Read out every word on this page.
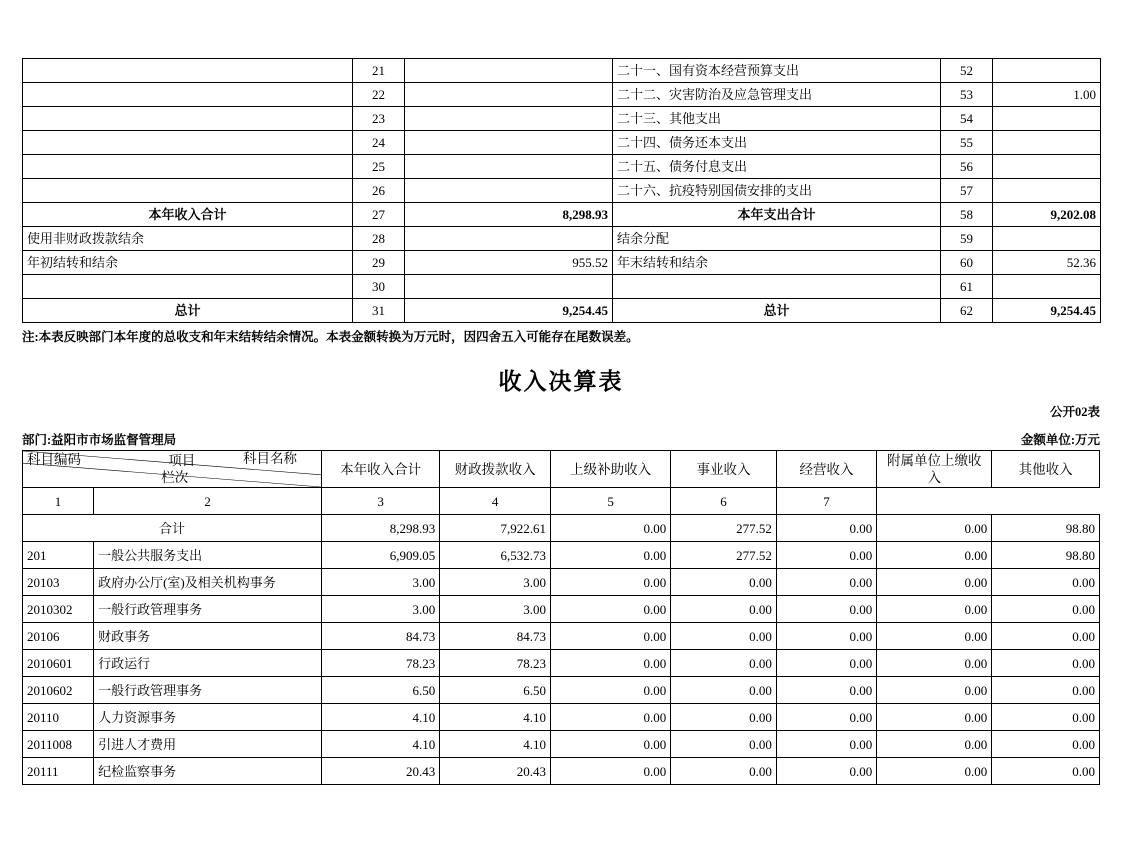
	21		二十一、国有资本经营预算支出	52	
	22		二十二、灾害防治及应急管理支出	53	1.00
	23		二十三、其他支出	54	
	24		二十四、债务还本支出	55	
	25		二十五、债务付息支出	56	
	26		二十六、抗疫特别国债安排的支出	57	
本年收入合计	27	8,298.93	本年支出合计	58	9,202.08
使用非财政拨款结余	28		结余分配	59	
年初结转和结余	29	955.52	年末结转和结余	60	52.36
	30			61	
总计	31	9,254.45	总计	62	9,254.45
注:本表反映部门本年度的总收支和年末结转结余情况。本表金额转换为万元时，因四舍五入可能存在尾数误差。
收入决算表
公开02表
部门:益阳市市场监督管理局	金额单位:万元
项目
科目编码 科目名称
栏次		本年收入合计	财政拨款收入	上级补助收入	事业收入	经营收入	附属单位上缴收入	其他收入
1	2	3	4	5	6	7		
合计		8,298.93	7,922.61	0.00	277.52	0.00	0.00	98.80
201	一般公共服务支出	6,909.05	6,532.73	0.00	277.52	0.00	0.00	98.80
20103	政府办公厅(室)及相关机构事务	3.00	3.00	0.00	0.00	0.00	0.00	0.00
2010302	一般行政管理事务	3.00	3.00	0.00	0.00	0.00	0.00	0.00
20106	财政事务	84.73	84.73	0.00	0.00	0.00	0.00	0.00
2010601	行政运行	78.23	78.23	0.00	0.00	0.00	0.00	0.00
2010602	一般行政管理事务	6.50	6.50	0.00	0.00	0.00	0.00	0.00
20110	人力资源事务	4.10	4.10	0.00	0.00	0.00	0.00	0.00
2011008	引进人才费用	4.10	4.10	0.00	0.00	0.00	0.00	0.00
20111	纪检监察事务	20.43	20.43	0.00	0.00	0.00	0.00	0.00
